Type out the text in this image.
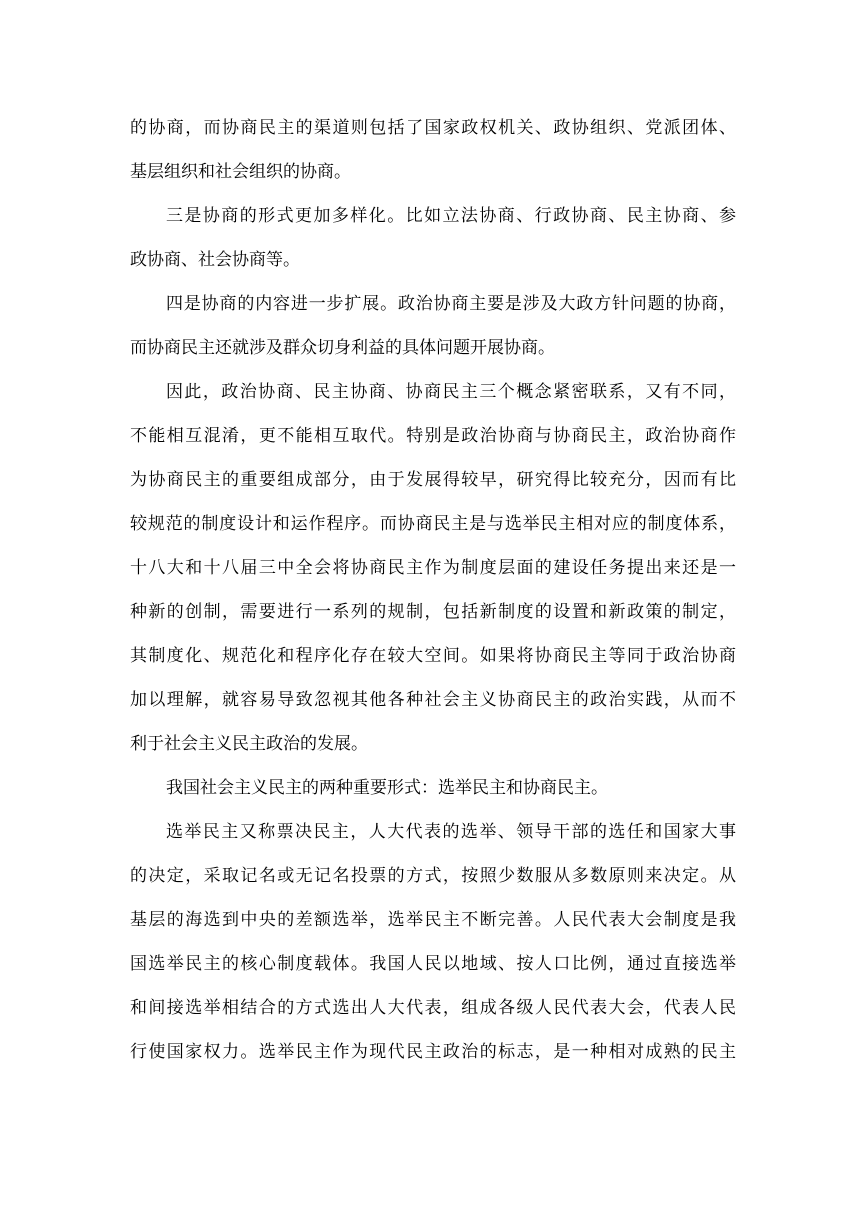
的协商，而协商民主的渠道则包括了国家政权机关、政协组织、党派团体、
基层组织和社会组织的协商。
三是协商的形式更加多样化。比如立法协商、行政协商、民主协商、参
政协商、社会协商等。
四是协商的内容进一步扩展。政治协商主要是涉及大政方针问题的协商，
而协商民主还就涉及群众切身利益的具体问题开展协商。
因此，政治协商、民主协商、协商民主三个概念紧密联系，又有不同，
不能相互混淆，更不能相互取代。特别是政治协商与协商民主，政治协商作
为协商民主的重要组成部分，由于发展得较早，研究得比较充分，因而有比
较规范的制度设计和运作程序。而协商民主是与选举民主相对应的制度体系，
十八大和十八届三中全会将协商民主作为制度层面的建设任务提出来还是一
种新的创制，需要进行一系列的规制，包括新制度的设置和新政策的制定，
其制度化、规范化和程序化存在较大空间。如果将协商民主等同于政治协商
加以理解，就容易导致忽视其他各种社会主义协商民主的政治实践，从而不
利于社会主义民主政治的发展。
我国社会主义民主的两种重要形式：选举民主和协商民主。
选举民主又称票决民主，人大代表的选举、领导干部的选任和国家大事
的决定，采取记名或无记名投票的方式，按照少数服从多数原则来决定。从
基层的海选到中央的差额选举，选举民主不断完善。人民代表大会制度是我
国选举民主的核心制度载体。我国人民以地域、按人口比例，通过直接选举
和间接选举相结合的方式选出人大代表，组成各级人民代表大会，代表人民
行使国家权力。选举民主作为现代民主政治的标志，是一种相对成熟的民主
